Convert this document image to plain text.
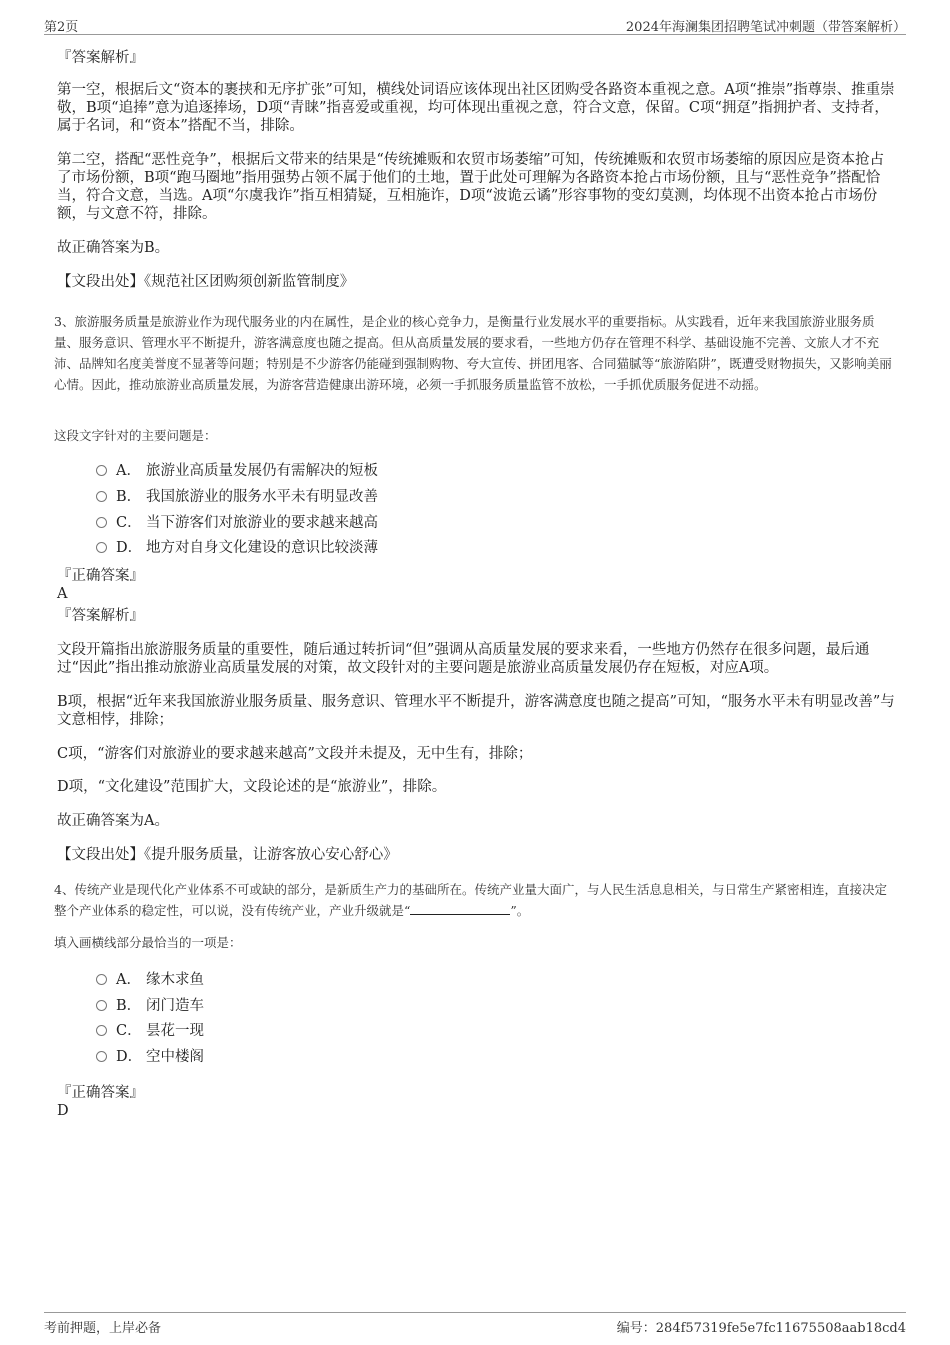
第2页	2024年海澜集团招聘笔试冲刺题（带答案解析）
『答案解析』
第一空，根据后文“资本的裹挟和无序扩张”可知，横线处词语应该体现出社区团购受各路资本重视之意。A项“推崇”指尊崇、推重崇敬，B项“追捧”意为追逐捧场，D项“青睐”指喜爱或重视，均可体现出重视之意，符合文意，保留。C项“拥趸”指拥护者、支持者，属于名词，和“资本”搭配不当，排除。
第二空，搭配“恶性竞争”，根据后文带来的结果是“传统摊贩和农贸市场萎缩”可知，传统摊贩和农贸市场萎缩的原因应是资本抢占了市场份额，B项“跑马圈地”指用强势占领不属于他们的土地，置于此处可理解为各路资本抢占市场份额，且与“恶性竞争”搭配恰当，符合文意，当选。A项“尔虞我诈”指互相猜疑，互相施诈，D项“波诡云谲”形容事物的变幻莫测，均体现不出资本抢占市场份额，与文意不符，排除。
故正确答案为B。
【文段出处】《规范社区团购须创新监管制度》
3、旅游服务质量是旅游业作为现代服务业的内在属性，是企业的核心竞争力，是衡量行业发展水平的重要指标。从实践看，近年来我国旅游业服务质量、服务意识、管理水平不断提升，游客满意度也随之提高。但从高质量发展的要求看，一些地方仍存在管理不科学、基础设施不完善、文旅人才不充沛、品牌知名度美誉度不显著等问题；特别是不少游客仍能碰到强制购物、夸大宣传、拼团甩客、合同猫腻等“旅游陷阱”，既遭受财物损失，又影响美丽心情。因此，推动旅游业高质量发展，为游客营造健康出游环境，必须一手抓服务质量监管不放松，一手抓优质服务促进不动摇。
这段文字针对的主要问题是：
A． 旅游业高质量发展仍有需解决的短板
B． 我国旅游业的服务水平未有明显改善
C． 当下游客们对旅游业的要求越来越高
D． 地方对自身文化建设的意识比较淡薄
『正确答案』
A
『答案解析』
文段开篇指出旅游服务质量的重要性，随后通过转折词“但”强调从高质量发展的要求来看，一些地方仍然存在很多问题，最后通过“因此”指出推动旅游业高质量发展的对策，故文段针对的主要问题是旅游业高质量发展仍存在短板，对应A项。
B项，根据“近年来我国旅游业服务质量、服务意识、管理水平不断提升，游客满意度也随之提高”可知，“服务水平未有明显改善”与文意相悖，排除；
C项，“游客们对旅游业的要求越来越高”文段并未提及，无中生有，排除；
D项，“文化建设”范围扩大，文段论述的是“旅游业”，排除。
故正确答案为A。
【文段出处】《提升服务质量，让游客放心安心舒心》
4、传统产业是现代化产业体系不可或缺的部分，是新质生产力的基础所在。传统产业量大面广，与人民生活息息相关，与日常生产紧密相连，直接决定整个产业体系的稳定性，可以说，没有传统产业，产业升级就是“	”。
填入画横线部分最恰当的一项是：
A． 缘木求鱼
B． 闭门造车
C． 昙花一现
D． 空中楼阁
『正确答案』
D
考前押题，上岸必备	编号：284f57319fe5e7fc11675508aab18cd4
